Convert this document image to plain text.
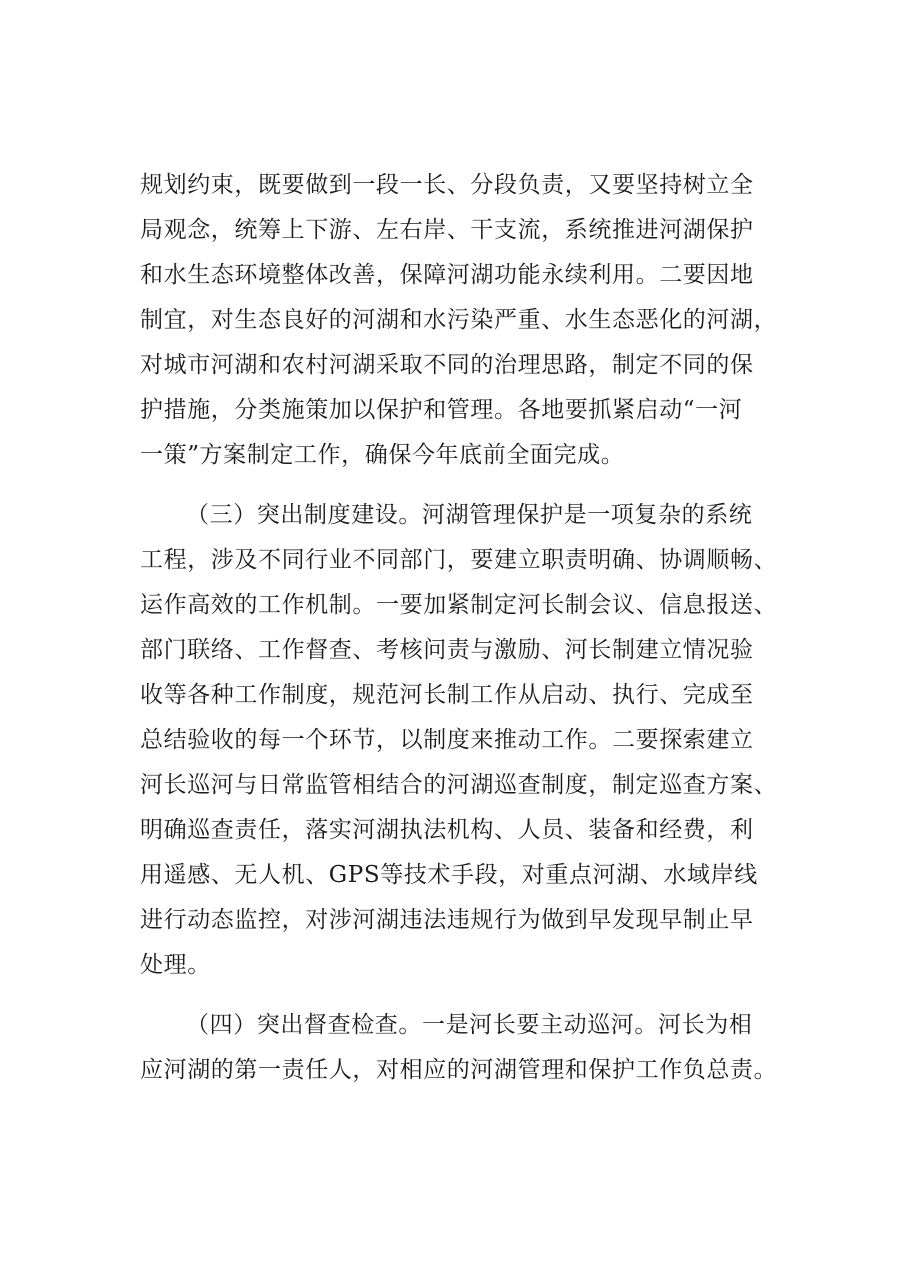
规划约束，既要做到一段一长、分段负责，又要坚持树立全
局观念，统筹上下游、左右岸、干支流，系统推进河湖保护
和水生态环境整体改善，保障河湖功能永续利用。二要因地
制宜，对生态良好的河湖和水污染严重、水生态恶化的河湖，
对城市河湖和农村河湖采取不同的治理思路，制定不同的保
护措施，分类施策加以保护和管理。各地要抓紧启动“一河
一策”方案制定工作，确保今年底前全面完成。
（三）突出制度建设。河湖管理保护是一项复杂的系统
工程，涉及不同行业不同部门，要建立职责明确、协调顺畅、
运作高效的工作机制。一要加紧制定河长制会议、信息报送、
部门联络、工作督查、考核问责与激励、河长制建立情况验
收等各种工作制度，规范河长制工作从启动、执行、完成至
总结验收的每一个环节，以制度来推动工作。二要探索建立
河长巡河与日常监管相结合的河湖巡查制度，制定巡查方案、
明确巡查责任，落实河湖执法机构、人员、装备和经费，利
用遥感、无人机、GPS等技术手段，对重点河湖、水域岸线
进行动态监控，对涉河湖违法违规行为做到早发现早制止早
处理。
（四）突出督查检查。一是河长要主动巡河。河长为相
应河湖的第一责任人，对相应的河湖管理和保护工作负总责。
